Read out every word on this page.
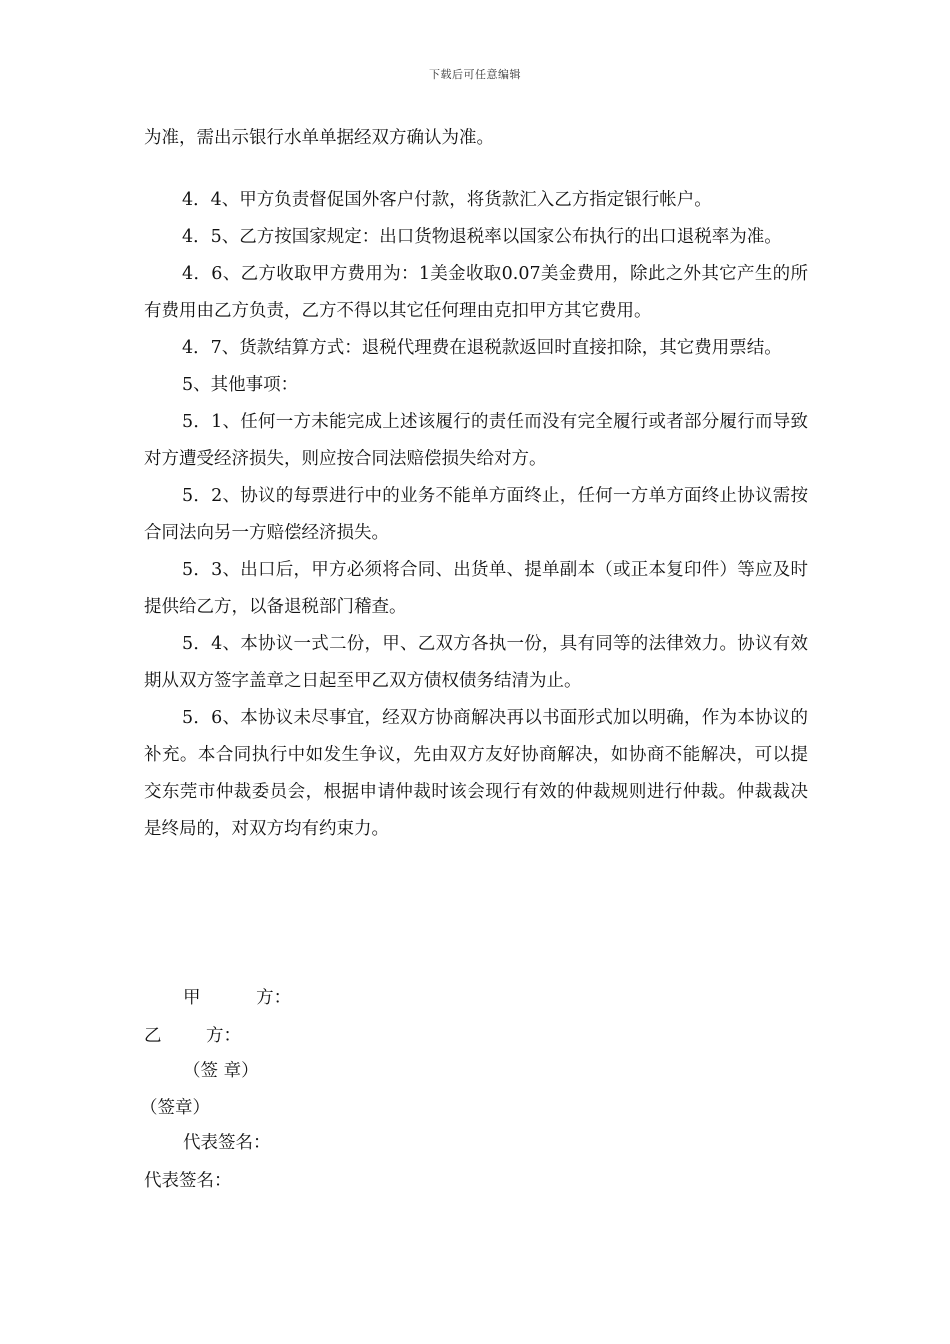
下载后可任意编辑

为准，需出示银行水单单据经双方确认为准。

4．4、甲方负责督促国外客户付款，将货款汇入乙方指定银行帐户。

4．5、乙方按国家规定：出口货物退税率以国家公布执行的出口退税率为准。

4．6、乙方收取甲方费用为：1美金收取0.07美金费用，除此之外其它产生的所有费用由乙方负责，乙方不得以其它任何理由克扣甲方其它费用。

4．7、货款结算方式：退税代理费在退税款返回时直接扣除，其它费用票结。

5、其他事项：

5．1、任何一方未能完成上述该履行的责任而没有完全履行或者部分履行而导致对方遭受经济损失，则应按合同法赔偿损失给对方。

5．2、协议的每票进行中的业务不能单方面终止，任何一方单方面终止协议需按合同法向另一方赔偿经济损失。

5．3、出口后，甲方必须将合同、出货单、提单副本（或正本复印件）等应及时提供给乙方，以备退税部门稽查。

5．4、本协议一式二份，甲、乙双方各执一份，具有同等的法律效力。协议有效期从双方签字盖章之日起至甲乙双方债权债务结清为止。

5．6、本协议未尽事宜，经双方协商解决再以书面形式加以明确，作为本协议的补充。本合同执行中如发生争议，先由双方友好协商解决，如协商不能解决，可以提交东莞市仲裁委员会，根据申请仲裁时该会现行有效的仲裁规则进行仲裁。仲裁裁决是终局的，对双方均有约束力。

甲          方：
乙        方：
（签 章）
（签章）
代表签名：
代表签名：
